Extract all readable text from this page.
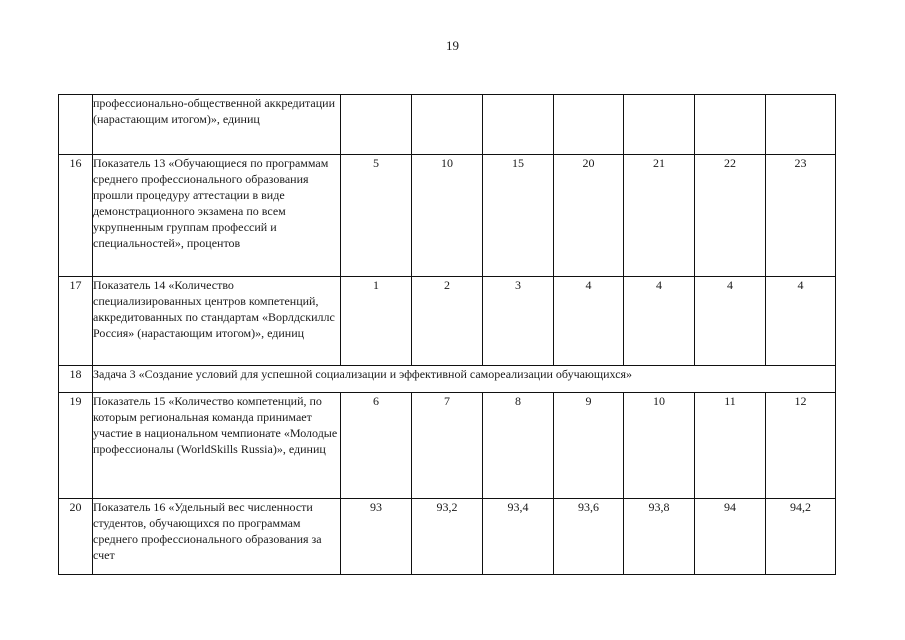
19
	профессионально-общественной аккредитации (нарастающим итогом)», единиц							
16	Показатель 13 «Обучающиеся по программам среднего профессионального образования прошли процедуру аттестации в виде демонстрационного экзамена по всем укрупненным группам профессий и специальностей», процентов	5	10	15	20	21	22	23
17	Показатель 14 «Количество специализированных центров компетенций, аккредитованных по стандартам «Ворлдскиллс Россия» (нарастающим итогом)», единиц	1	2	3	4	4	4	4
18	Задача 3 «Создание условий для успешной социализации и эффективной самореализации обучающихся»							
19	Показатель 15 «Количество компетенций, по которым региональная команда принимает участие в национальном чемпионате «Молодые профессионалы (WorldSkills Russia)», единиц	6	7	8	9	10	11	12
20	Показатель 16 «Удельный вес численности студентов, обучающихся по программам среднего профессионального образования за счет	93	93,2	93,4	93,6	93,8	94	94,2
